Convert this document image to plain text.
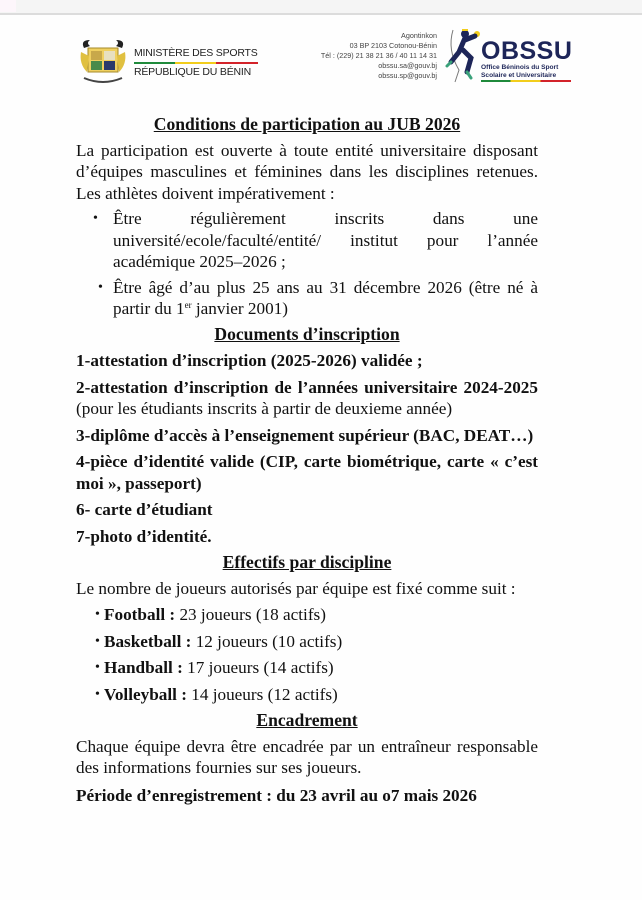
MINISTÈRE DES SPORTS
RÉPUBLIQUE DU BÉNIN
Agontinkon
03 BP 2103 Cotonou-Bénin
Tél : (229) 21 38 21 36 / 40 11 14 31
obssu.sa@gouv.bj
obssu.sp@gouv.bj
OBSSU
Office Béninois du Sport
Scolaire et Universitaire
Conditions de participation au JUB 2026
La participation est ouverte à toute entité universitaire disposant d’équipes masculines et féminines dans les disciplines retenues. Les athlètes doivent impérativement :
• Être régulièrement inscrits dans une
université/ecole/faculté/entité/ institut pour l’année
académique 2025–2026 ;
• Être âgé d’au plus 25 ans au 31 décembre 2026 (être né à partir du 1er janvier 2001)
Documents d’inscription
1-attestation d’inscription (2025-2026) validée ;
2-attestation d’inscription de l’années universitaire 2024-2025 (pour les étudiants inscrits à partir de deuxieme année)
3-diplôme d’accès à l’enseignement supérieur (BAC, DEAT…)
4-pièce d’identité valide (CIP, carte biométrique, carte « c’est moi », passeport)
6- carte d’étudiant
7-photo d’identité.
Effectifs par discipline
Le nombre de joueurs autorisés par équipe est fixé comme suit :
• Football : 23 joueurs (18 actifs)
• Basketball : 12 joueurs (10 actifs)
• Handball : 17 joueurs (14 actifs)
• Volleyball : 14 joueurs (12 actifs)
Encadrement
Chaque équipe devra être encadrée par un entraîneur responsable des informations fournies sur ses joueurs.
Période d’enregistrement : du 23 avril au o7 mais 2026
